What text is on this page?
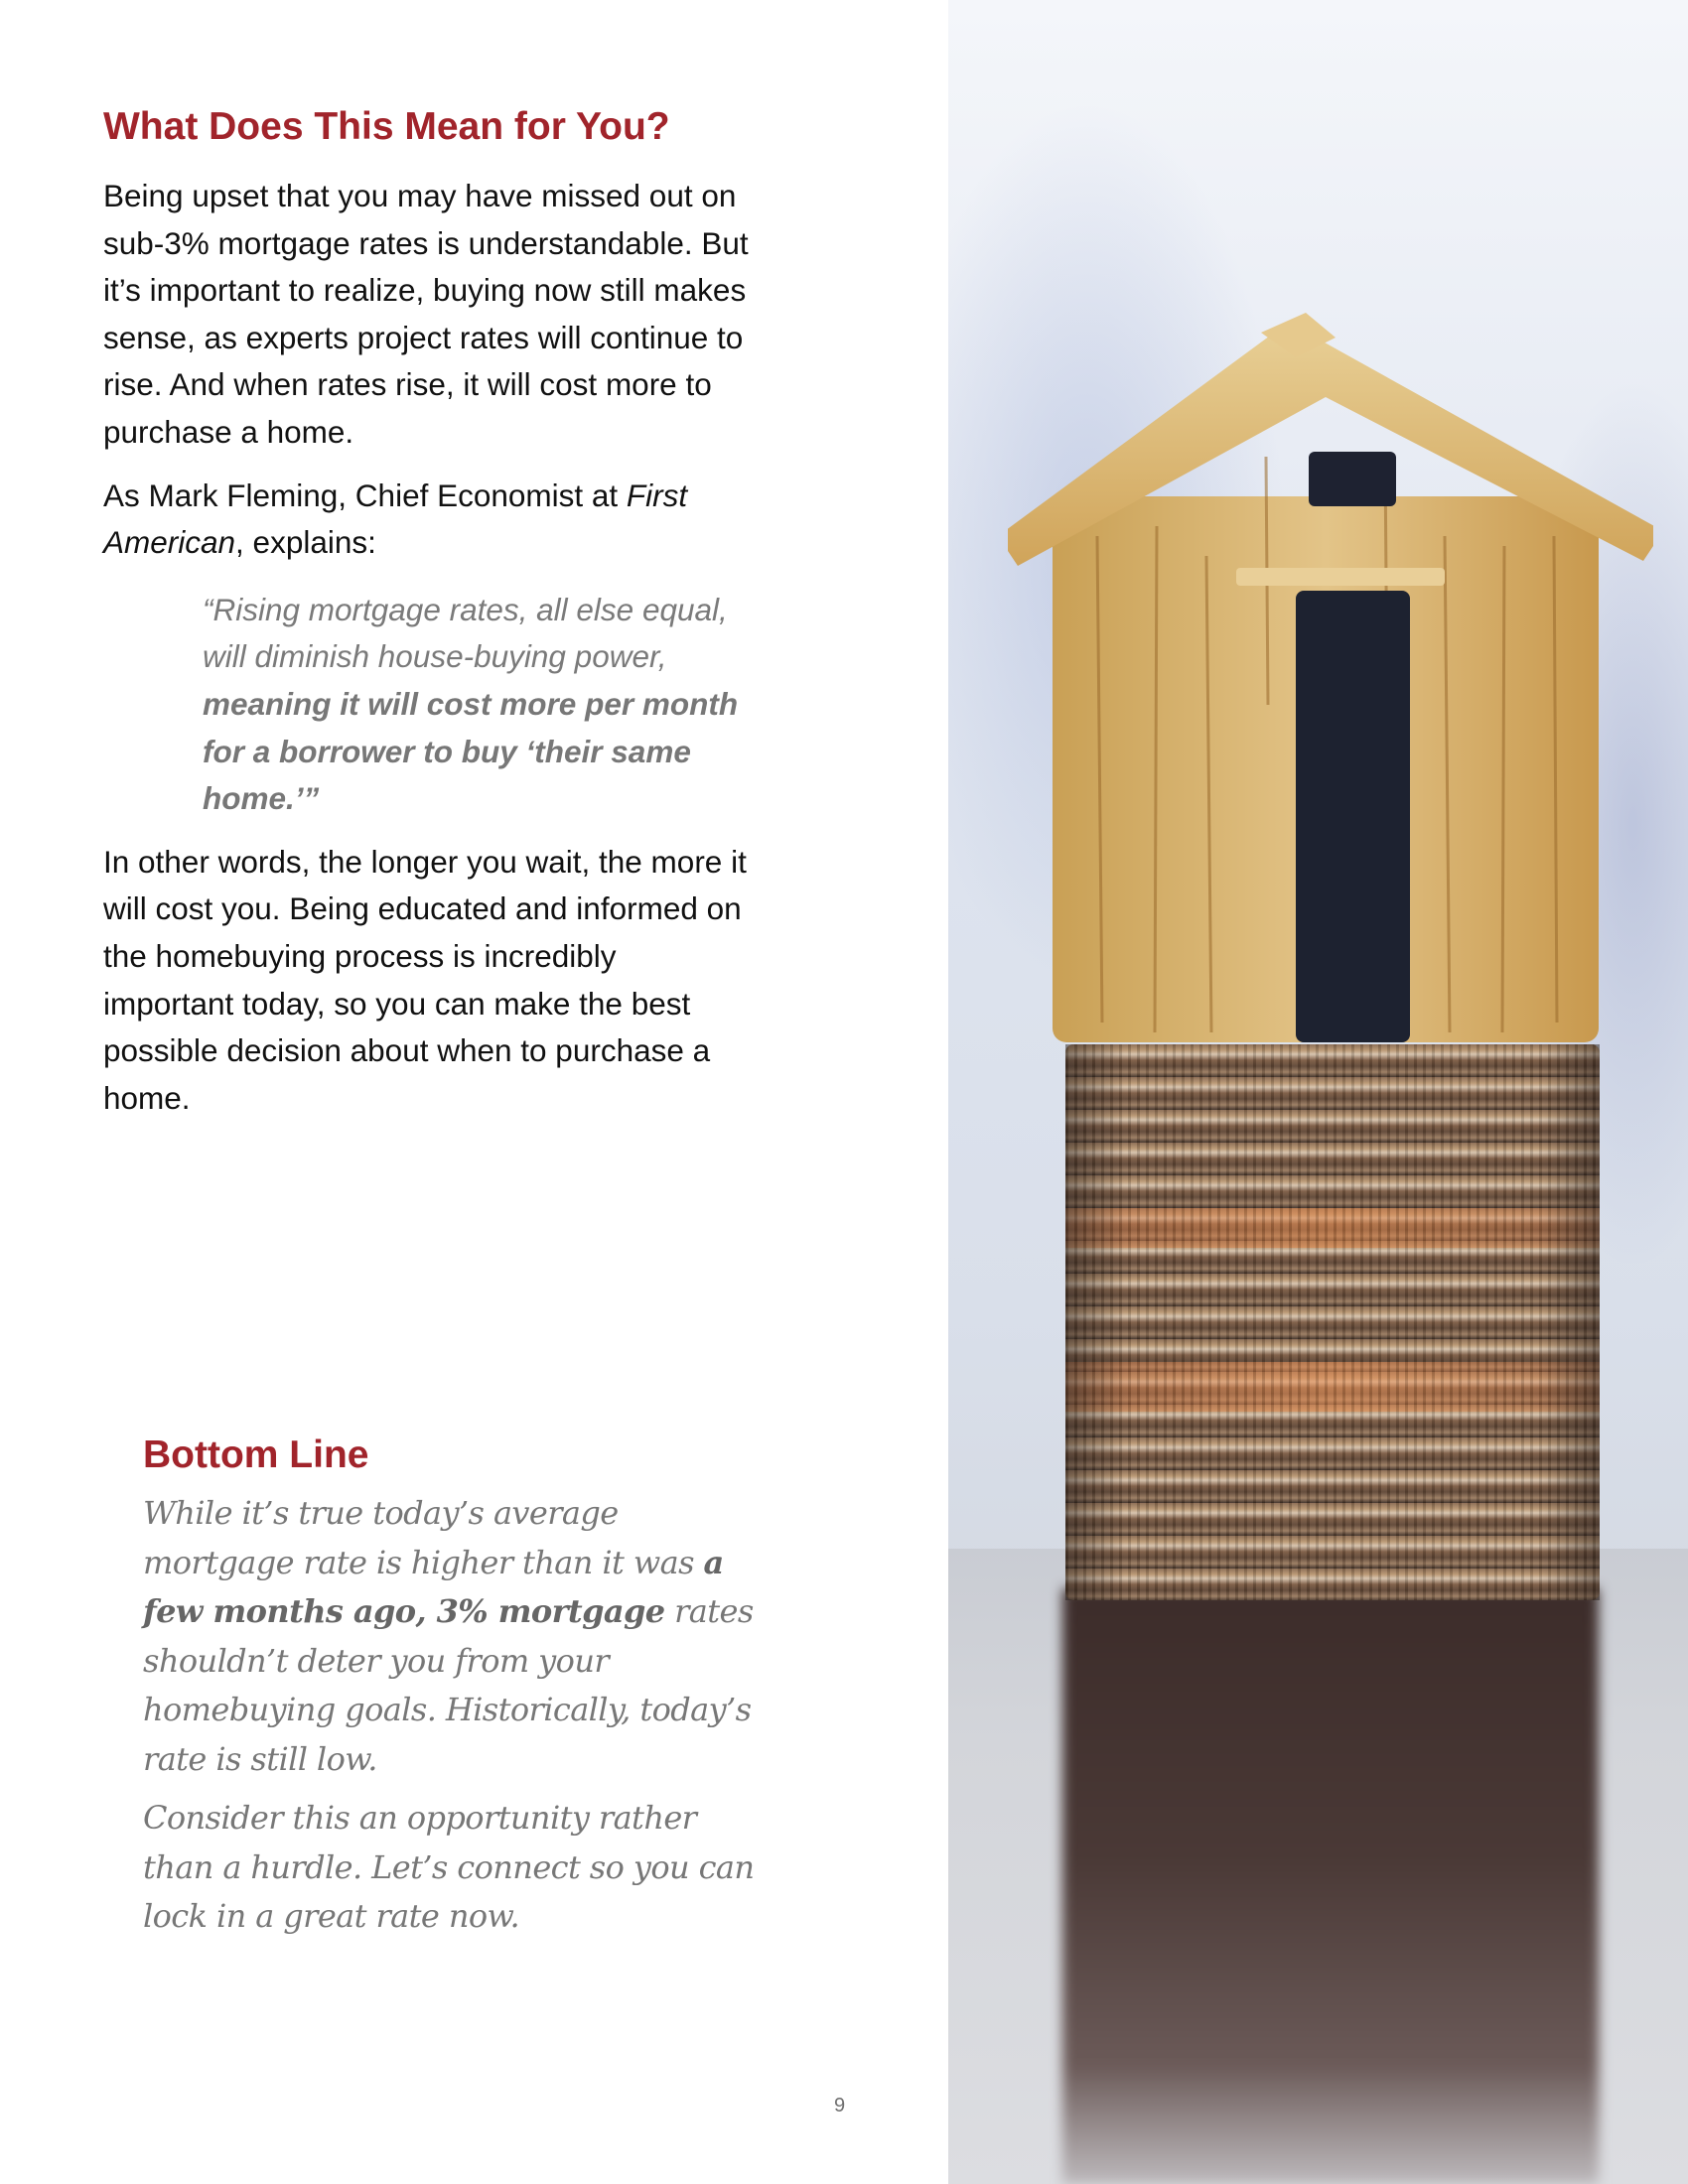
What Does This Mean for You?

Being upset that you may have missed out on sub-3% mortgage rates is understandable. But it’s important to realize, buying now still makes sense, as experts project rates will continue to rise. And when rates rise, it will cost more to purchase a home.

As Mark Fleming, Chief Economist at First American, explains:

“Rising mortgage rates, all else equal, will diminish house-buying power, meaning it will cost more per month for a borrower to buy ‘their same home.’”

In other words, the longer you wait, the more it will cost you. Being educated and informed on the homebuying process is incredibly important today, so you can make the best possible decision about when to purchase a home.

Bottom Line

While it’s true today’s average mortgage rate is higher than it was a few months ago, 3% mortgage rates shouldn’t deter you from your homebuying goals. Historically, today’s rate is still low.

Consider this an opportunity rather than a hurdle. Let’s connect so you can lock in a great rate now.

9
